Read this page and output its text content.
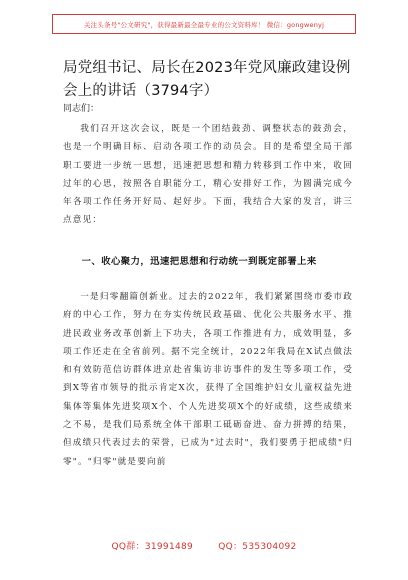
关注头条号"公文研究"，获得最新最全最专业的公文资料库！ 微信：gongwenyj
局党组书记、局长在2023年党风廉政建设例会上的讲话（3794字）
同志们：

我们召开这次会议，既是一个团结鼓劲、调整状态的鼓劲会，也是一个明确目标、启动各项工作的动员会。目的是希望全局干部职工要进一步统一思想，迅速把思想和精力转移到工作中来，收回过年的心思，按照各自职能分工，精心安排好工作，为圆满完成今年各项工作任务开好局、起好步。下面，我结合大家的发言，讲三点意见：

一、收心聚力，迅速把思想和行动统一到既定部署上来

一是归零翻篇创新业。过去的2022年，我们紧紧围绕市委市政府的中心工作，努力在夯实传统民政基础、优化公共服务水平、推进民政业务改革创新上下功夫，各项工作推进有力，成效明显，多项工作还走在全省前列。据不完全统计，2022年我局在X试点做法和有效防范信访群体进京赴省集访非访事件的发生等多项工作，受到X等省市领导的批示肯定X次，获得了全国维护妇女儿童权益先进集体等集体先进奖项X个、个人先进奖项X个的好成绩，这些成绩来之不易，是我们局系统全体干部职工砥砺奋进、奋力拼搏的结果，但成绩只代表过去的荣誉，已成为"过去时"，我们要勇于把成绩"归零"。"归零"就是要向前

QQ群：31991489	QQ：535304092
